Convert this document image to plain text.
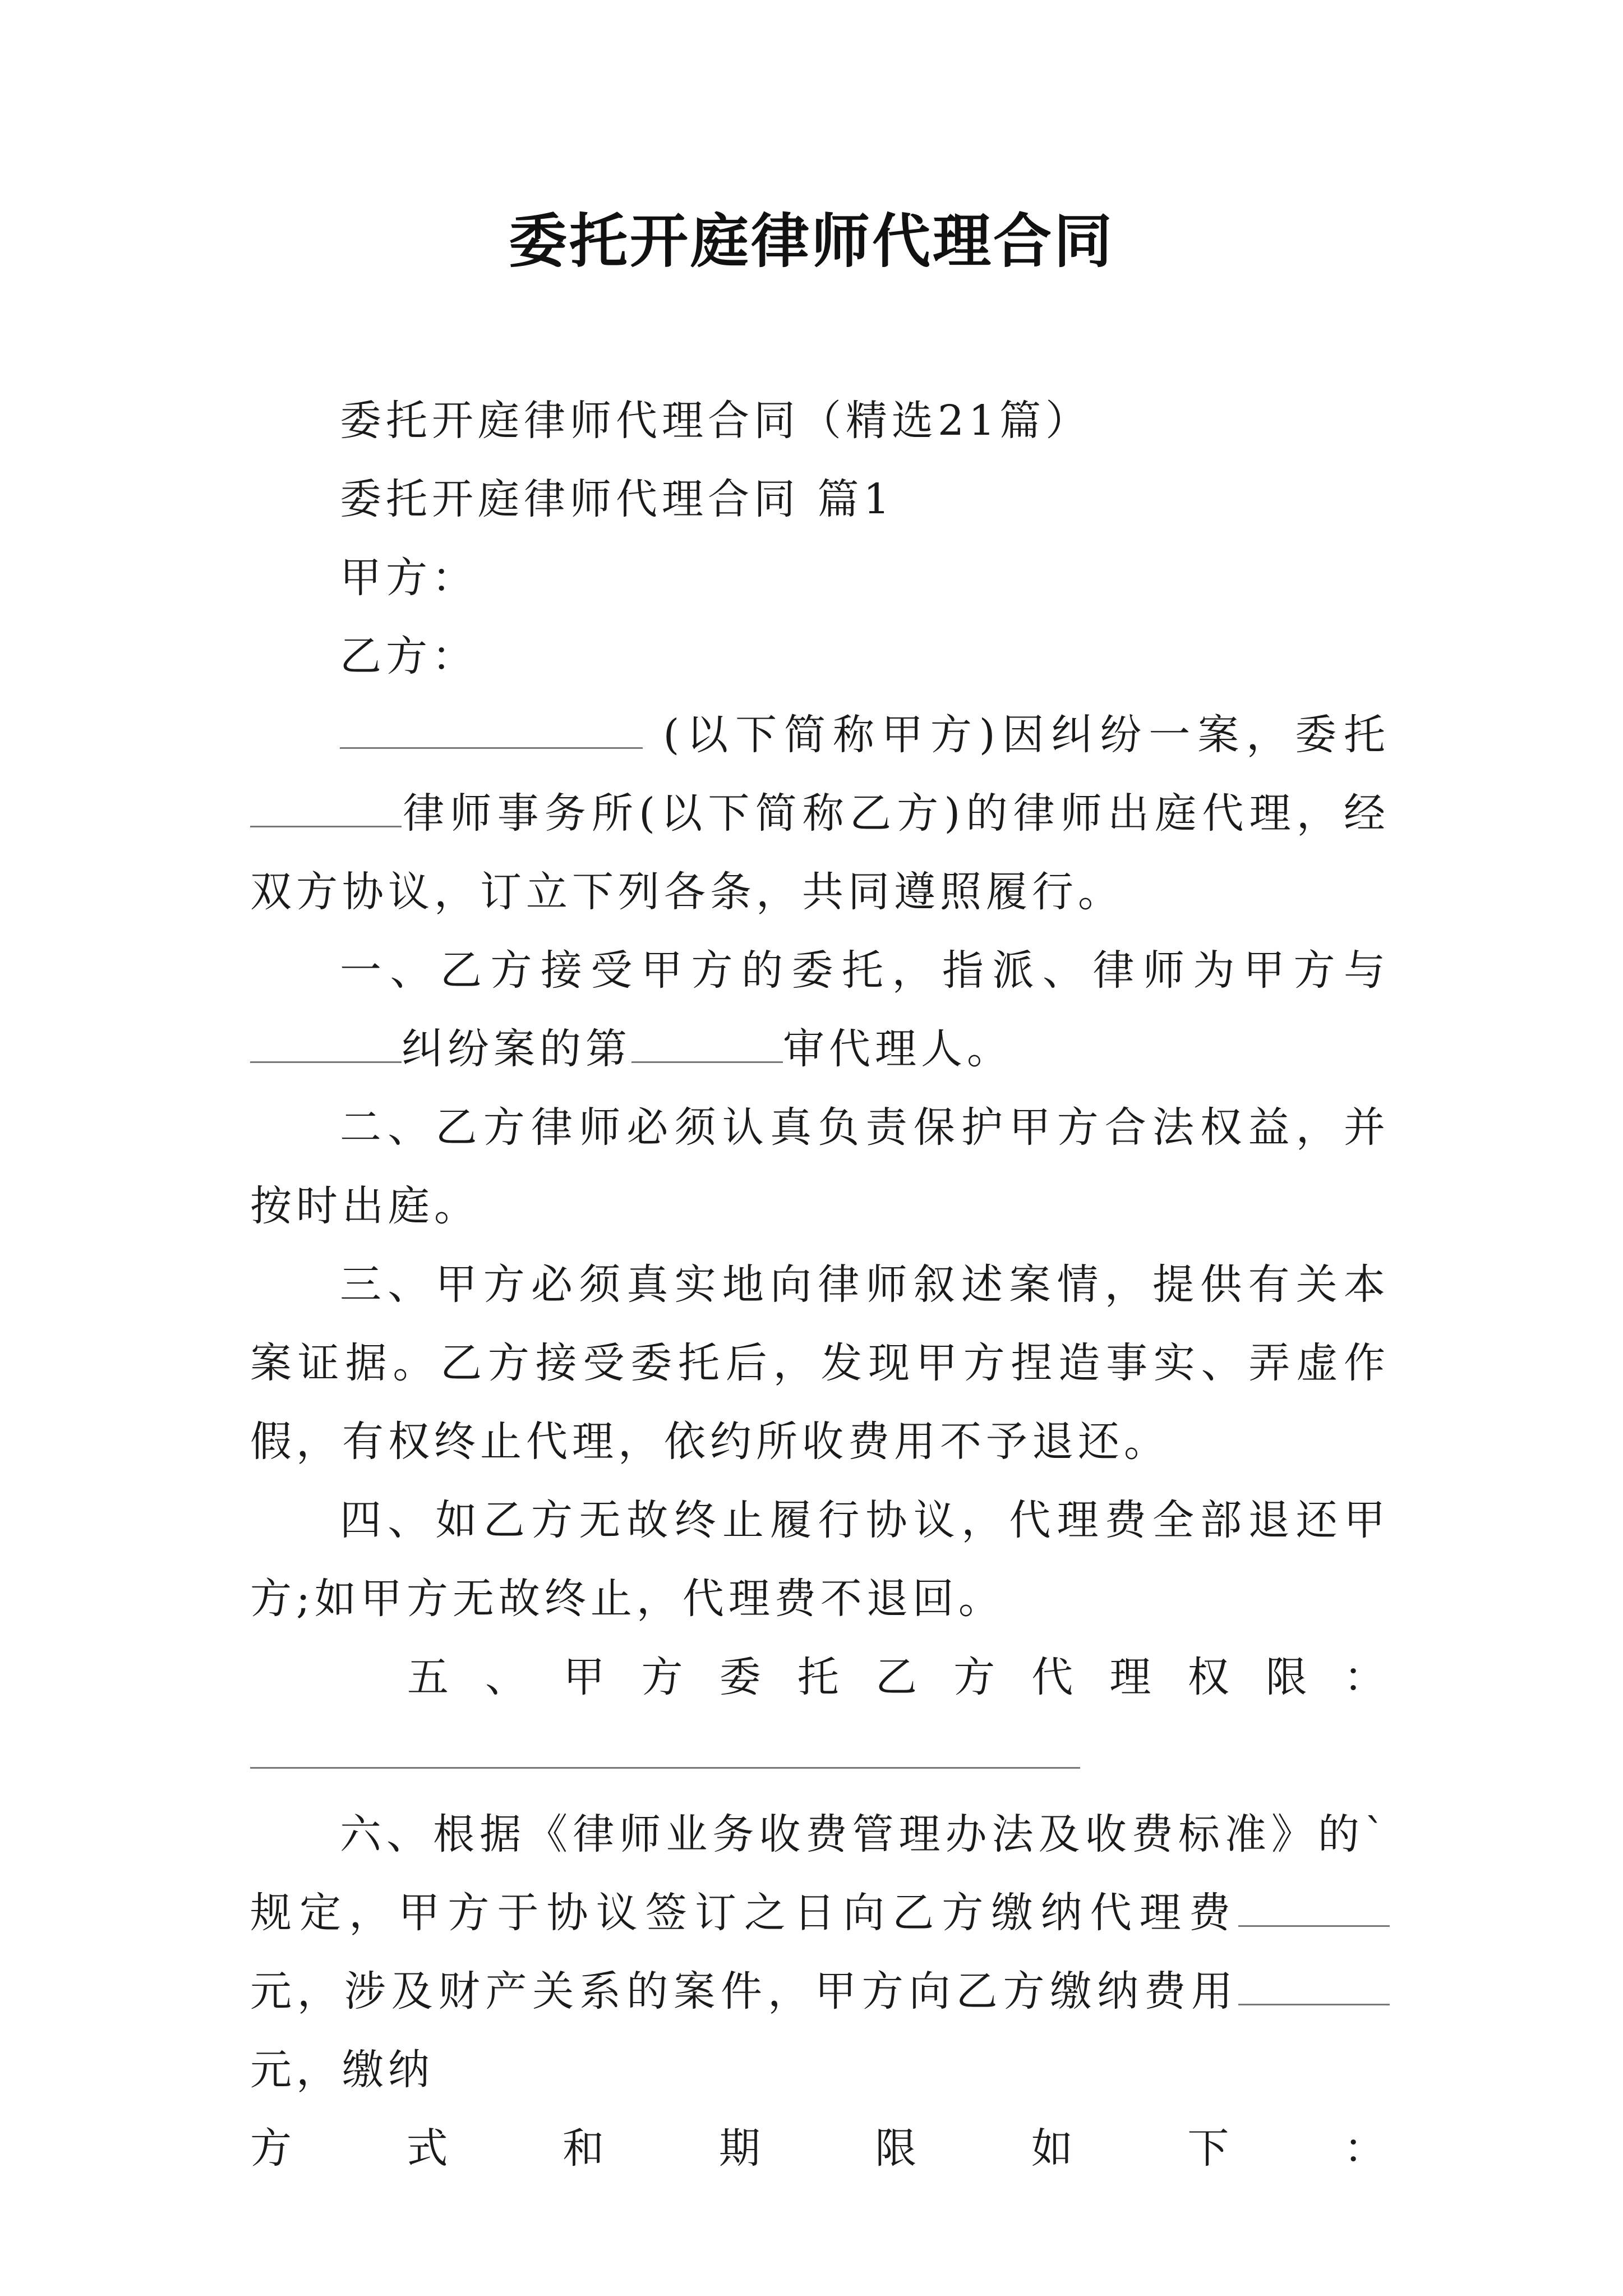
委托开庭律师代理合同

委托开庭律师代理合同（精选21篇）

委托开庭律师代理合同 篇1

甲方：

乙方：

(以下简称甲方)因纠纷一案，委托律师事务所(以下简称乙方)的律师出庭代理，经双方协议，订立下列各条，共同遵照履行。

一、乙方接受甲方的委托，指派、律师为甲方与纠纷案的第	审代理人。

二、乙方律师必须认真负责保护甲方合法权益，并按时出庭。

三、甲方必须真实地向律师叙述案情，提供有关本案证据。乙方接受委托后，发现甲方捏造事实、弄虚作假，有权终止代理，依约所收费用不予退还。

四、如乙方无故终止履行协议，代理费全部退还甲方;如甲方无故终止，代理费不退回。

五 、 甲 方 委 托 乙 方 代 理 权 限 ：

六、根据《律师业务收费管理办法及收费标准》的`规定，甲方于协议签订之日向乙方缴纳代理费元，涉及财产关系的案件，甲方向乙方缴纳费用元，缴纳

方	式	和	期	限	如	下	：
